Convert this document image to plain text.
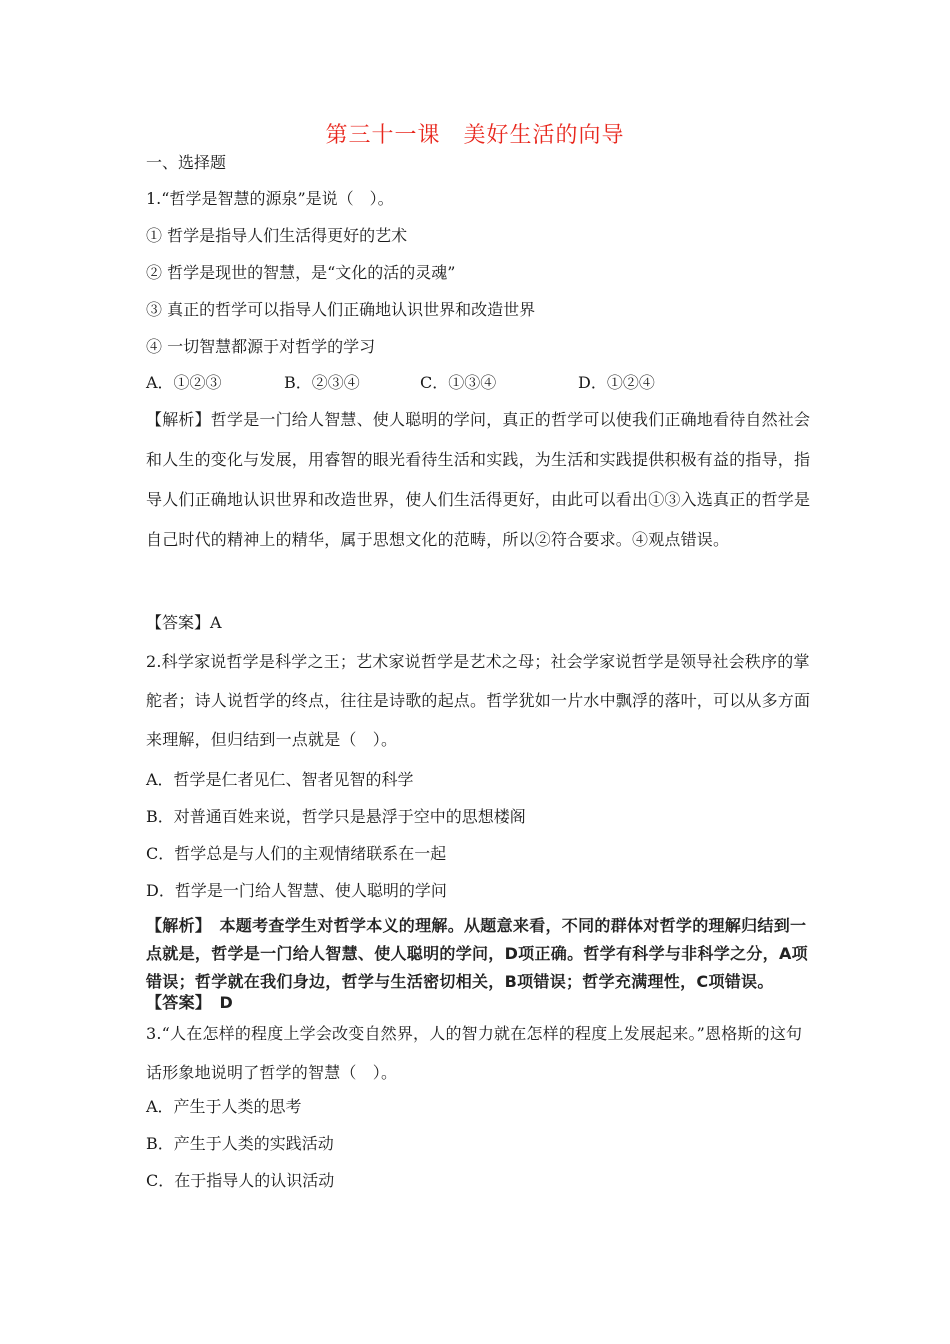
第三十一课　美好生活的向导
一、选择题
1.“哲学是智慧的源泉”是说（　）。
① 哲学是指导人们生活得更好的艺术
② 哲学是现世的智慧，是“文化的活的灵魂”
③ 真正的哲学可以指导人们正确地认识世界和改造世界
④ 一切智慧都源于对哲学的学习
A．①②③	B．②③④	C．①③④	D．①②④
【解析】哲学是一门给人智慧、使人聪明的学问，真正的哲学可以使我们正确地看待自然社会和人生的变化与发展，用睿智的眼光看待生活和实践，为生活和实践提供积极有益的指导，指导人们正确地认识世界和改造世界，使人们生活得更好，由此可以看出①③入选真正的哲学是自己时代的精神上的精华，属于思想文化的范畴，所以②符合要求。④观点错误。
【答案】A
2.科学家说哲学是科学之王；艺术家说哲学是艺术之母；社会学家说哲学是领导社会秩序的掌舵者；诗人说哲学的终点，往往是诗歌的起点。哲学犹如一片水中飘浮的落叶，可以从多方面来理解，但归结到一点就是（　）。
A．哲学是仁者见仁、智者见智的科学
B．对普通百姓来说，哲学只是悬浮于空中的思想楼阁
C．哲学总是与人们的主观情绪联系在一起
D．哲学是一门给人智慧、使人聪明的学问
【解析】　本题考查学生对哲学本义的理解。从题意来看，不同的群体对哲学的理解归结到一点就是，哲学是一门给人智慧、使人聪明的学问，D项正确。哲学有科学与非科学之分，A项错误；哲学就在我们身边，哲学与生活密切相关，B项错误；哲学充满理性，C项错误。
【答案】　D
3.“人在怎样的程度上学会改变自然界，人的智力就在怎样的程度上发展起来。”恩格斯的这句话形象地说明了哲学的智慧（　）。
A．产生于人类的思考
B．产生于人类的实践活动
C．在于指导人的认识活动
